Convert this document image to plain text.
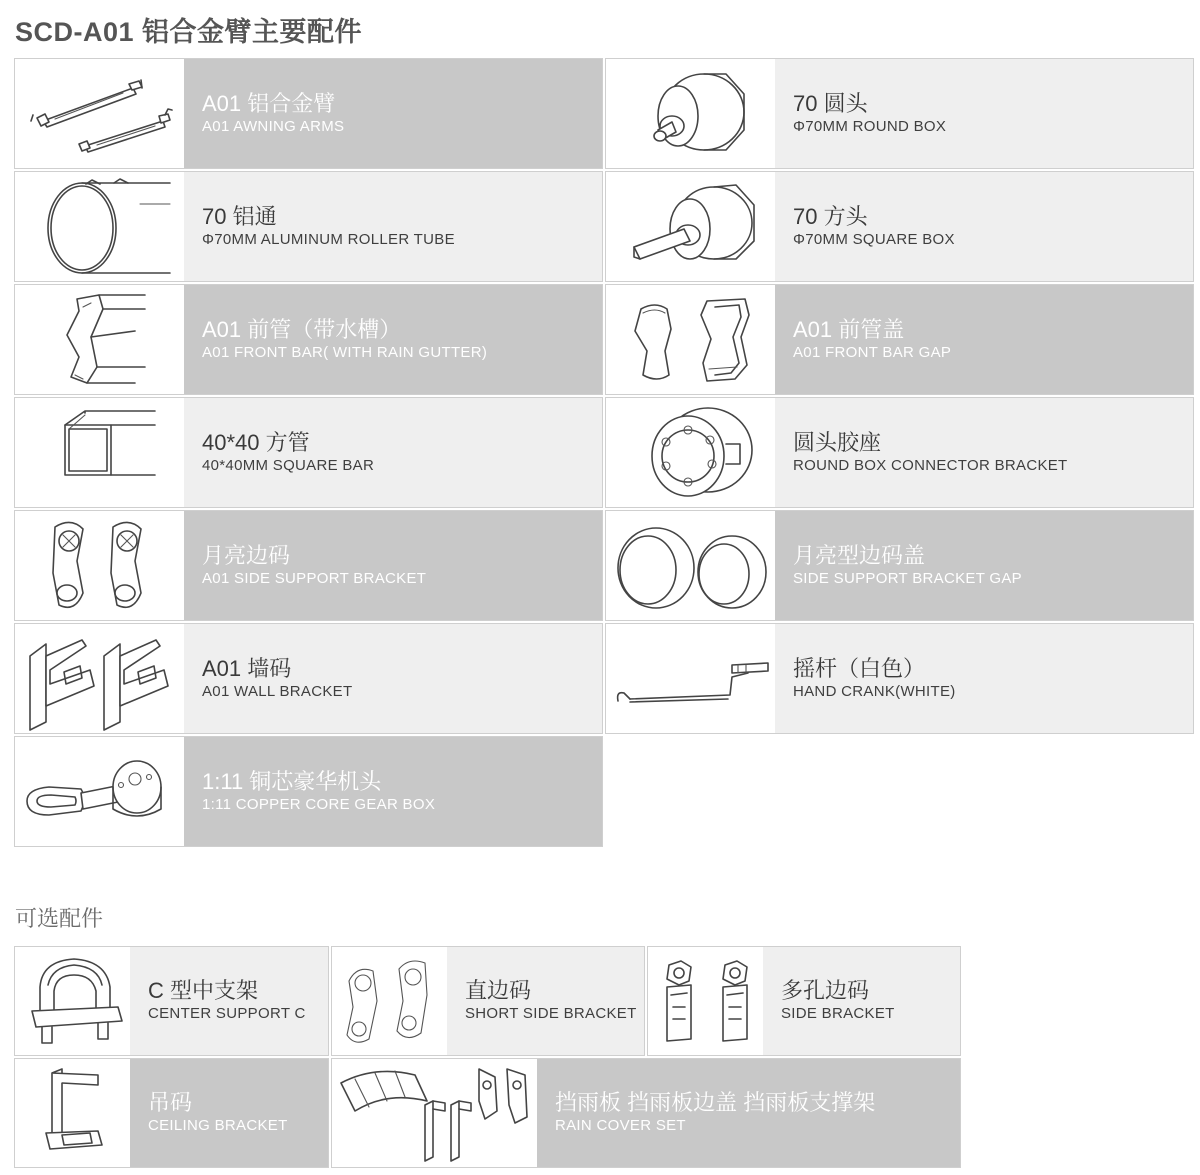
SCD-A01 铝合金臂主要配件
A01 铝合金臂
A01 AWNING ARMS
70 圆头
Φ70MM ROUND BOX
70 铝通
Φ70MM ALUMINUM ROLLER TUBE
70 方头
Φ70MM SQUARE BOX
A01 前管（带水槽）
A01 FRONT BAR( WITH RAIN GUTTER)
A01 前管盖
A01 FRONT BAR GAP
40*40 方管
40*40MM SQUARE BAR
圆头胶座
ROUND BOX CONNECTOR BRACKET
月亮边码
A01 SIDE SUPPORT BRACKET
月亮型边码盖
SIDE SUPPORT BRACKET GAP
A01 墙码
A01 WALL BRACKET
摇杆（白色）
HAND CRANK(WHITE)
1:11 铜芯豪华机头
1:11 COPPER CORE GEAR BOX
可选配件
C 型中支架
CENTER SUPPORT C
直边码
SHORT SIDE BRACKET
多孔边码
SIDE BRACKET
吊码
CEILING BRACKET
挡雨板 挡雨板边盖 挡雨板支撑架
RAIN COVER SET
